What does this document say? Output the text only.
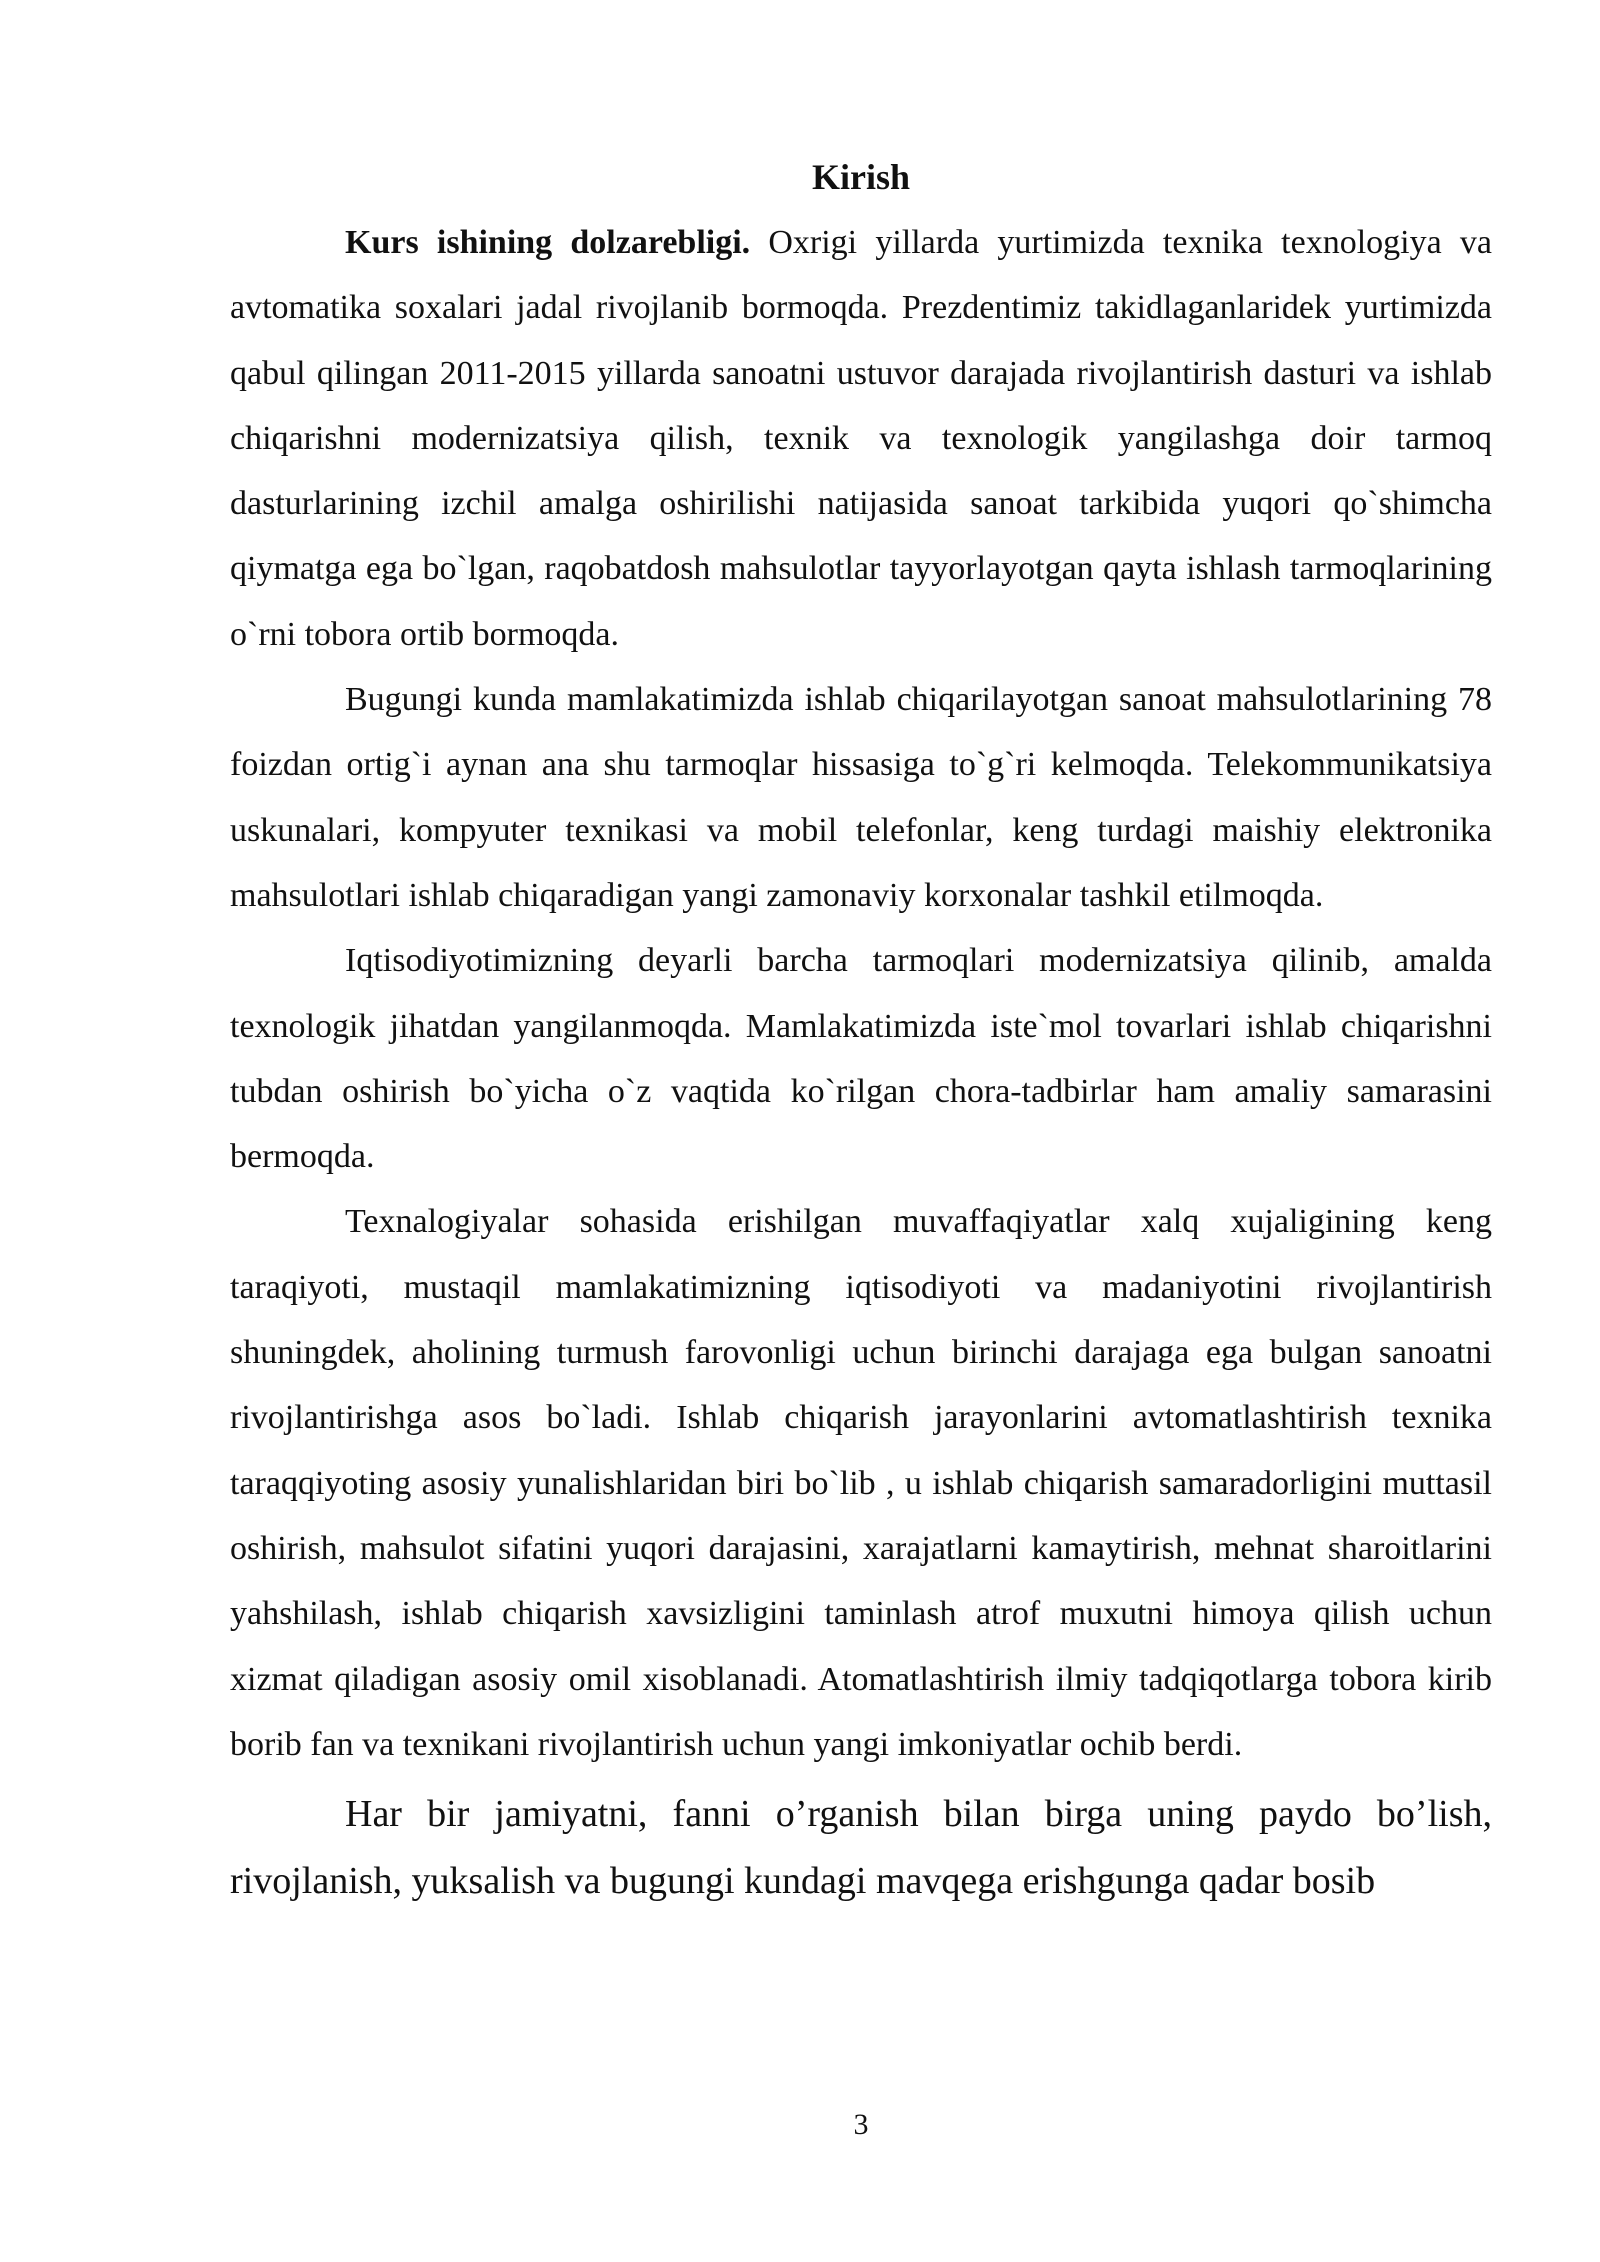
Kirish

Kurs ishining dolzarebligi. Oxrigi yillarda yurtimizda texnika texnologiya va avtomatika soxalari jadal rivojlanib bormoqda. Prezdentimiz takidlaganlaridek yurtimizda qabul qilingan 2011-2015 yillarda sanoatni ustuvor darajada rivojlantirish dasturi va ishlab chiqarishni modernizatsiya qilish, texnik va texnologik yangilashga doir tarmoq dasturlarining izchil amalga oshirilishi natijasida sanoat tarkibida yuqori qo`shimcha qiymatga ega bo`lgan, raqobatdosh mahsulotlar tayyorlayotgan qayta ishlash tarmoqlarining o`rni tobora ortib bormoqda.

Bugungi kunda mamlakatimizda ishlab chiqarilayotgan sanoat mahsulotlarining 78 foizdan ortig`i aynan ana shu tarmoqlar hissasiga to`g`ri kelmoqda. Telekommunikatsiya uskunalari, kompyuter texnikasi va mobil telefonlar, keng turdagi maishiy elektronika mahsulotlari ishlab chiqaradigan yangi zamonaviy korxonalar tashkil etilmoqda.

Iqtisodiyotimizning deyarli barcha tarmoqlari modernizatsiya qilinib, amalda texnologik jihatdan yangilanmoqda. Mamlakatimizda iste`mol tovarlari ishlab chiqarishni tubdan oshirish bo`yicha o`z vaqtida ko`rilgan chora-tadbirlar ham amaliy samarasini bermoqda.

Texnalogiyalar sohasida erishilgan muvaffaqiyatlar xalq xujaligining keng taraqiyoti, mustaqil mamlakatimizning iqtisodiyoti va madaniyotini rivojlantirish shuningdek, aholining turmush farovonligi uchun birinchi darajaga ega bulgan sanoatni rivojlantirishga asos bo`ladi. Ishlab chiqarish jarayonlarini avtomatlashtirish texnika taraqqiyoting asosiy yunalishlaridan biri bo`lib , u ishlab chiqarish samaradorligini muttasil oshirish, mahsulot sifatini yuqori darajasini, xarajatlarni kamaytirish, mehnat sharoitlarini yahshilash, ishlab chiqarish xavsizligini taminlash atrof muxutni himoya qilish uchun xizmat qiladigan asosiy omil xisoblanadi. Atomatlashtirish ilmiy tadqiqotlarga tobora kirib borib fan va texnikani rivojlantirish uchun yangi imkoniyatlar ochib berdi.

Har bir jamiyatni, fanni o’rganish bilan birga uning paydo bo’lish, rivojlanish, yuksalish va bugungi kundagi mavqega erishgunga qadar bosib

3
